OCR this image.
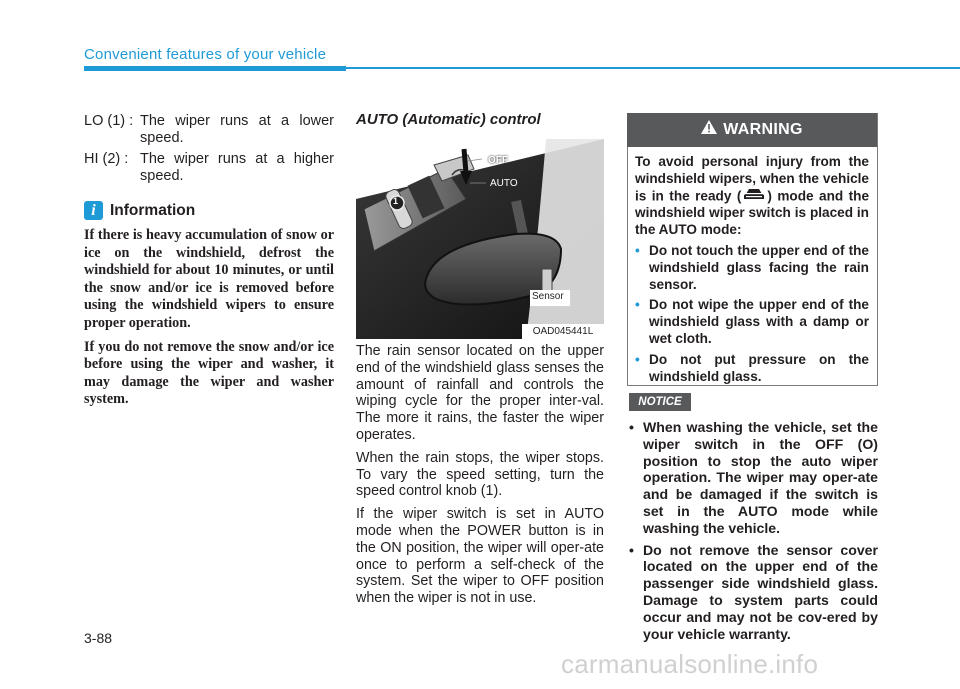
Convenient features of your vehicle
LO (1) : The wiper runs at a lower speed.
HI (2) : The wiper runs at a higher speed.
i Information

If there is heavy accumulation of snow or ice on the windshield, defrost the windshield for about 10 minutes, or until the snow and/or ice is removed before using the windshield wipers to ensure proper operation.

If you do not remove the snow and/or ice before using the wiper and washer, it may damage the wiper and washer system.

AUTO (Automatic) control
OFF
AUTO
Sensor
1
OAD045441L

The rain sensor located on the upper end of the windshield glass senses the amount of rainfall and controls the wiping cycle for the proper inter-val. The more it rains, the faster the wiper operates.

When the rain stops, the wiper stops. To vary the speed setting, turn the speed control knob (1).

If the wiper switch is set in AUTO mode when the POWER button is in the ON position, the wiper will oper-ate once to perform a self-check of the system. Set the wiper to OFF position when the wiper is not in use.

WARNING
To avoid personal injury from the windshield wipers, when the vehicle is in the ready ( ) mode and the windshield wiper switch is placed in the AUTO mode:
• Do not touch the upper end of the windshield glass facing the rain sensor.
• Do not wipe the upper end of the windshield glass with a damp or wet cloth.
• Do not put pressure on the windshield glass.
NOTICE
• When washing the vehicle, set the wiper switch in the OFF (O) position to stop the auto wiper operation. The wiper may oper-ate and be damaged if the switch is set in the AUTO mode while washing the vehicle.
• Do not remove the sensor cover located on the upper end of the passenger side windshield glass. Damage to system parts could occur and may not be cov-ered by your vehicle warranty.
3-88
carmanualsonline.info
